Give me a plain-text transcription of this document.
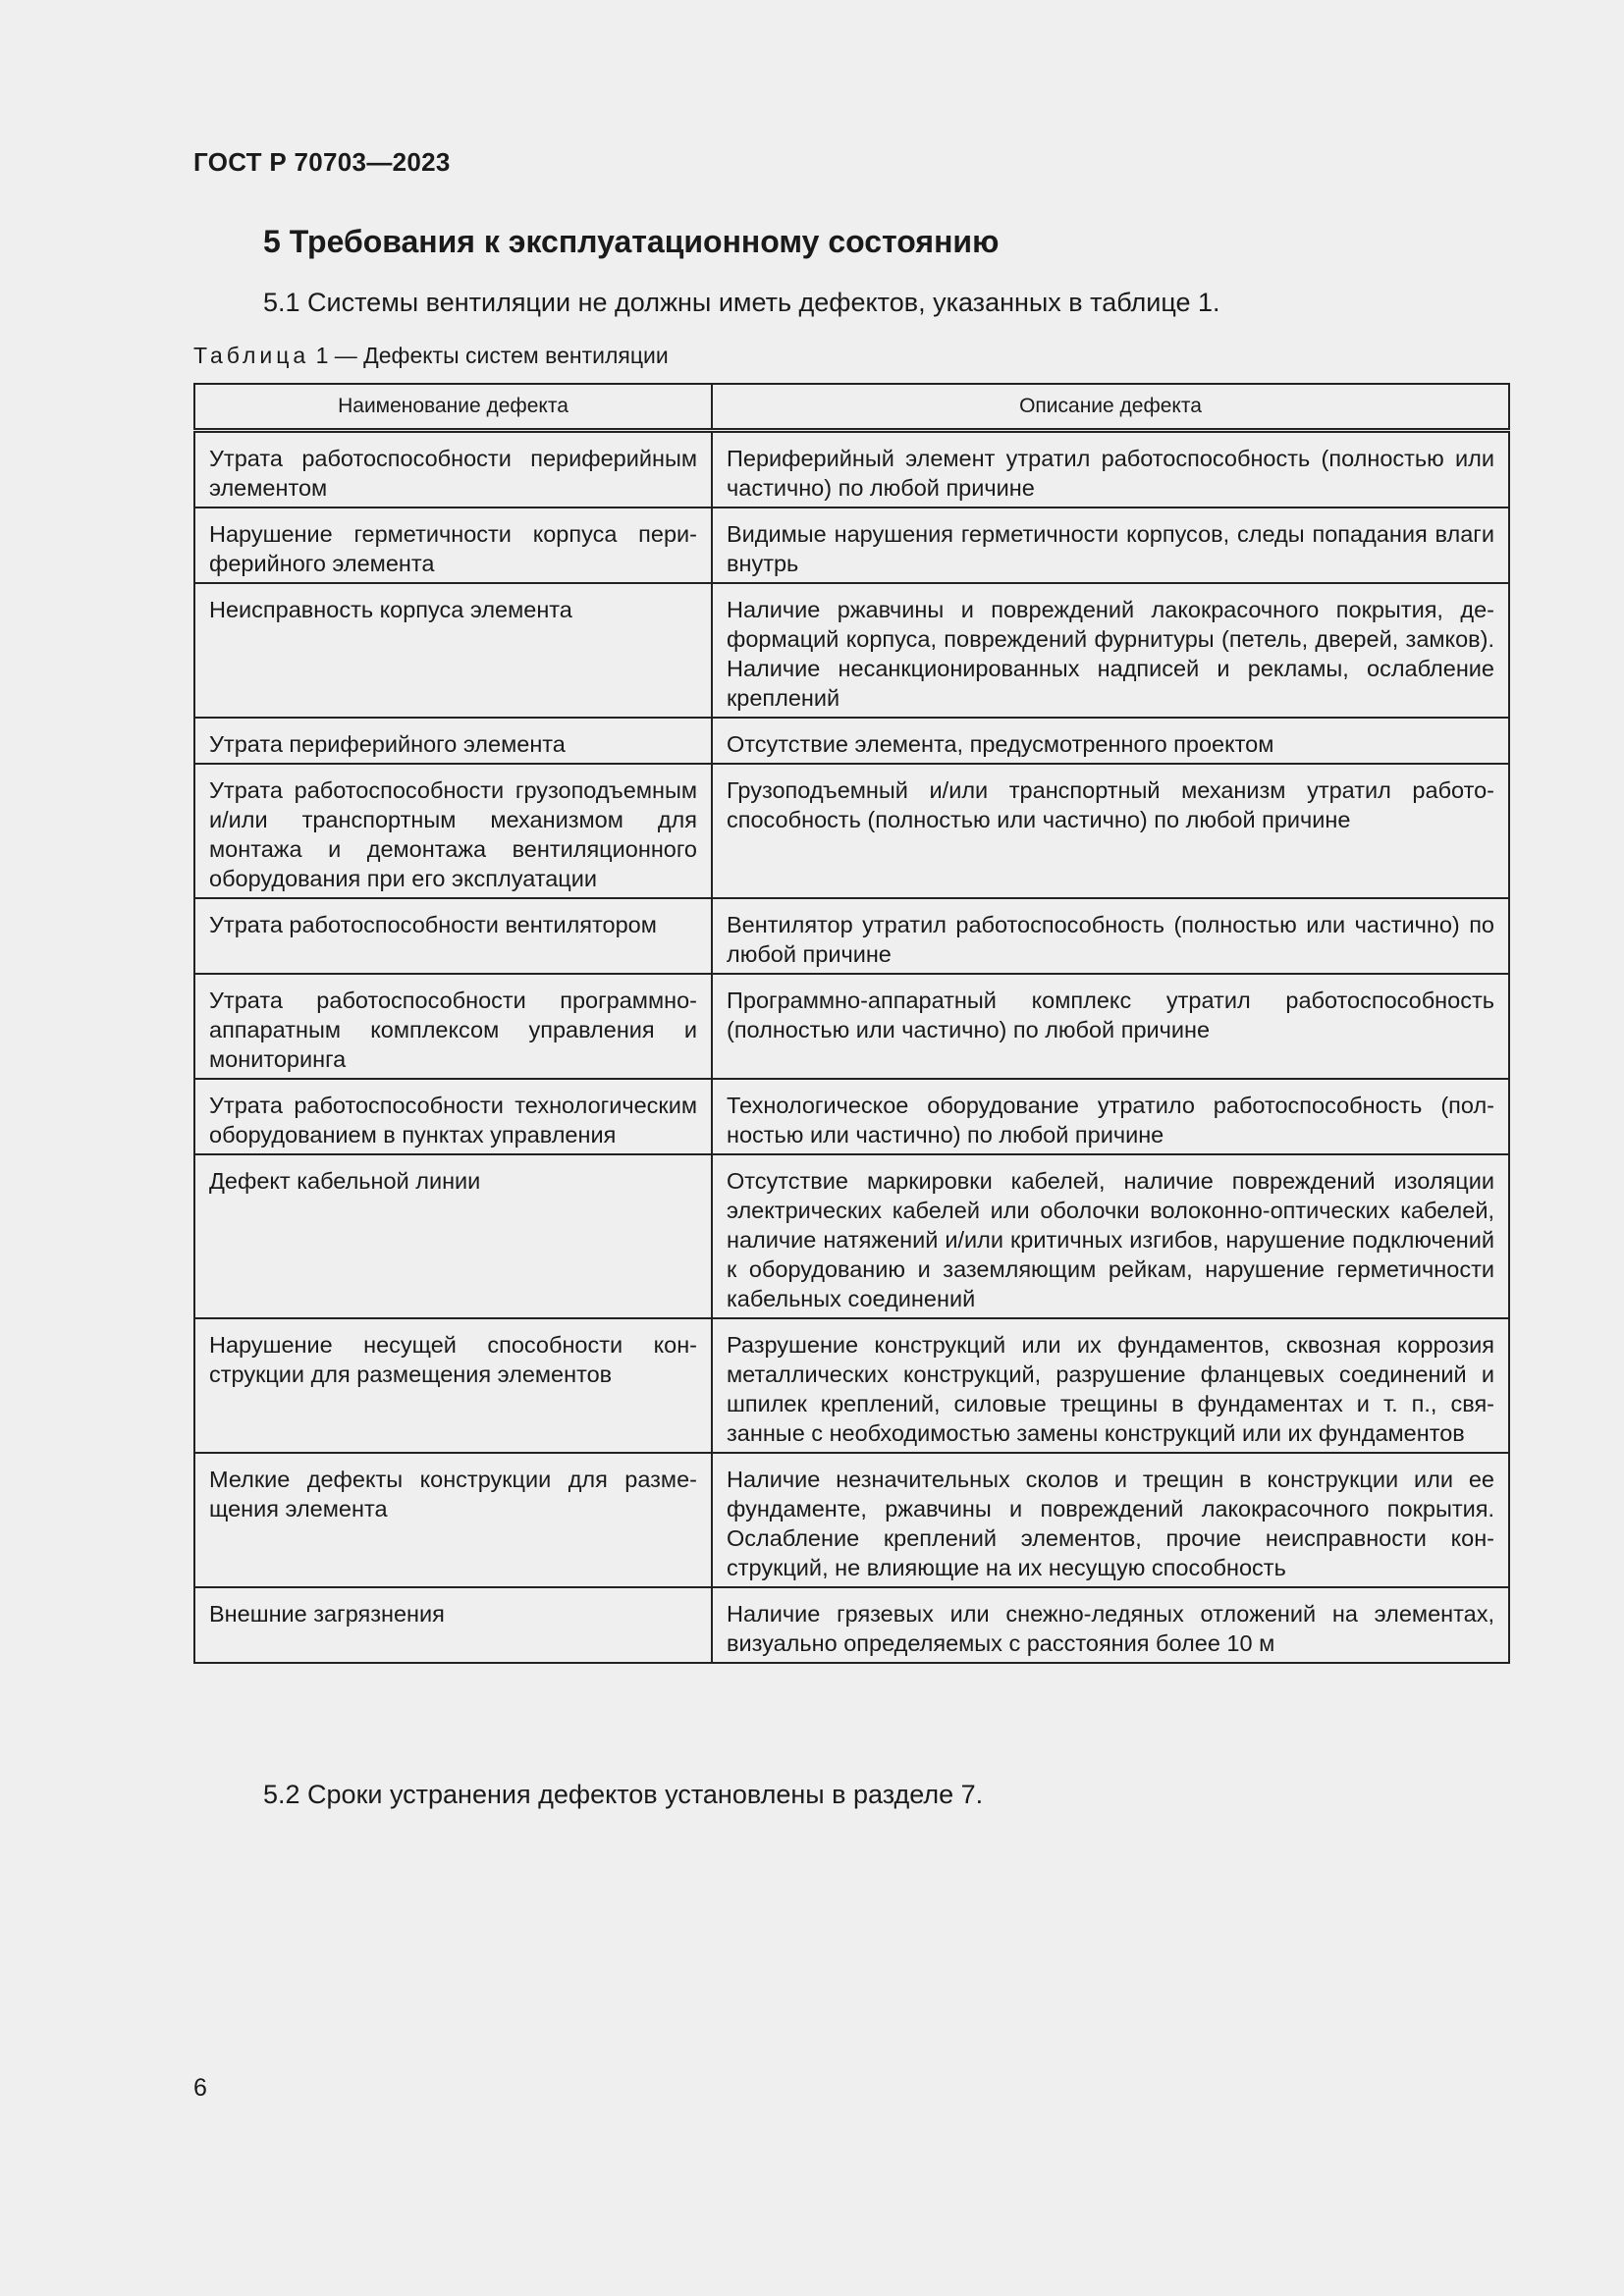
ГОСТ Р 70703—2023
5 Требования к эксплуатационному состоянию
5.1 Системы вентиляции не должны иметь дефектов, указанных в таблице 1.
Таблица 1 — Дефекты систем вентиляции
Наименование дефекта	Описание дефекта
Утрата работоспособности периферийным элементом	Периферийный элемент утратил работоспособность (полностью или частично) по любой причине
Нарушение герметичности корпуса периферийного элемента	Видимые нарушения герметичности корпусов, следы попадания влаги внутрь
Неисправность корпуса элемента	Наличие ржавчины и повреждений лакокрасочного покрытия, деформаций корпуса, повреждений фурнитуры (петель, дверей, замков). Наличие несанкционированных надписей и рекламы, ослабление креплений
Утрата периферийного элемента	Отсутствие элемента, предусмотренного проектом
Утрата работоспособности грузоподъемным и/или транспортным механизмом для монтажа и демонтажа вентиляционного оборудования при его эксплуатации	Грузоподъемный и/или транспортный механизм утратил работоспособность (полностью или частично) по любой причине
Утрата работоспособности вентилятором	Вентилятор утратил работоспособность (полностью или частично) по любой причине
Утрата работоспособности программно-аппаратным комплексом управления и мониторинга	Программно-аппаратный комплекс утратил работоспособность (полностью или частично) по любой причине
Утрата работоспособности технологическим оборудованием в пунктах управления	Технологическое оборудование утратило работоспособность (полностью или частично) по любой причине
Дефект кабельной линии	Отсутствие маркировки кабелей, наличие повреждений изоляции электрических кабелей или оболочки волоконно-оптических кабелей, наличие натяжений и/или критичных изгибов, нарушение подключений к оборудованию и заземляющим рейкам, нарушение герметичности кабельных соединений
Нарушение несущей способности конструкции для размещения элементов	Разрушение конструкций или их фундаментов, сквозная коррозия металлических конструкций, разрушение фланцевых соединений и шпилек креплений, силовые трещины в фундаментах и т. п., связанные с необходимостью замены конструкций или их фундаментов
Мелкие дефекты конструкции для размещения элемента	Наличие незначительных сколов и трещин в конструкции или ее фундаменте, ржавчины и повреждений лакокрасочного покрытия. Ослабление креплений элементов, прочие неисправности конструкций, не влияющие на их несущую способность
Внешние загрязнения	Наличие грязевых или снежно-ледяных отложений на элементах, визуально определяемых с расстояния более 10 м
5.2 Сроки устранения дефектов установлены в разделе 7.
6
